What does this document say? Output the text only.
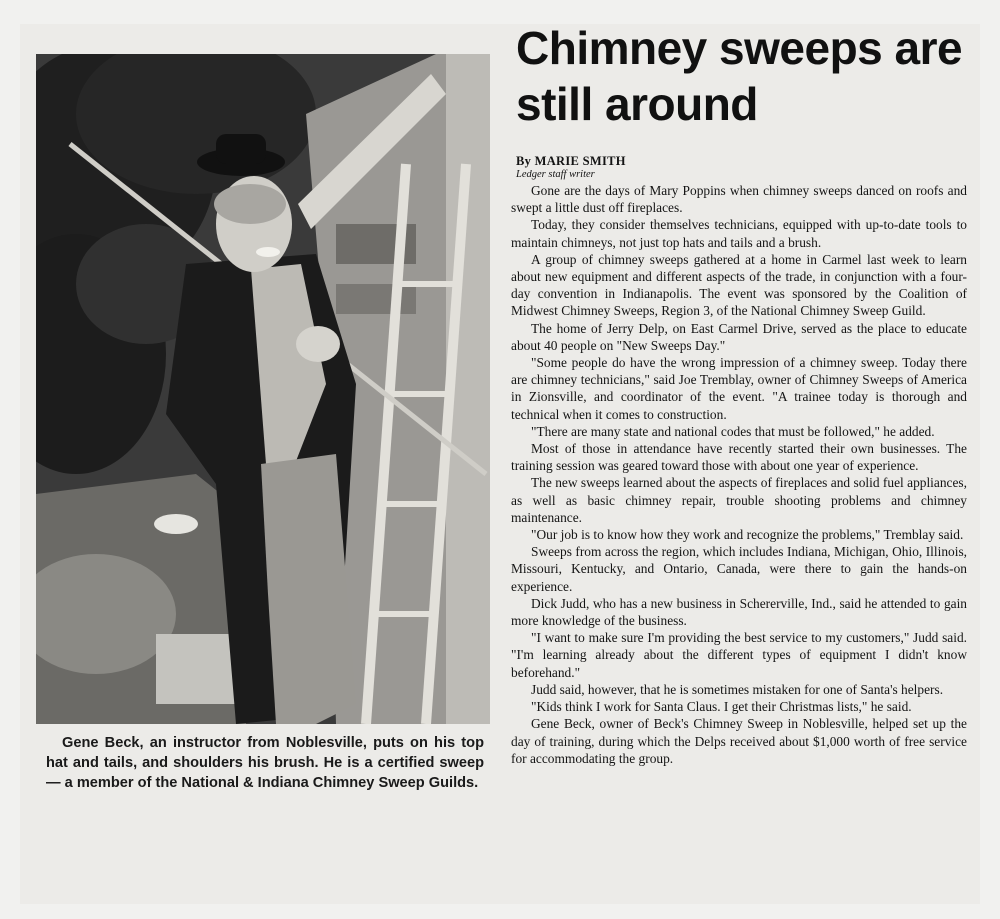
Gene Beck, an instructor from Noblesville, puts on his top hat and tails, and shoulders his brush. He is a certified sweep — a member of the National & Indiana Chimney Sweep Guilds.
Chimney sweeps are still around
By MARIE SMITH
Ledger staff writer

Gone are the days of Mary Poppins when chimney sweeps danced on roofs and swept a little dust off fireplaces.

Today, they consider themselves technicians, equipped with up-to-date tools to maintain chimneys, not just top hats and tails and a brush.

A group of chimney sweeps gathered at a home in Carmel last week to learn about new equipment and different aspects of the trade, in conjunction with a four-day convention in Indianapolis. The event was sponsored by the Coalition of Midwest Chimney Sweeps, Region 3, of the National Chimney Sweep Guild.

The home of Jerry Delp, on East Carmel Drive, served as the place to educate about 40 people on "New Sweeps Day."

"Some people do have the wrong impression of a chimney sweep. Today there are chimney technicians," said Joe Tremblay, owner of Chimney Sweeps of America in Zionsville, and coordinator of the event. "A trainee today is thorough and technical when it comes to construction.

"There are many state and national codes that must be followed," he added.

Most of those in attendance have recently started their own businesses. The training session was geared toward those with about one year of experience.

The new sweeps learned about the aspects of fireplaces and solid fuel appliances, as well as basic chimney repair, trouble shooting problems and chimney maintenance.

"Our job is to know how they work and recognize the problems," Tremblay said.

Sweeps from across the region, which includes Indiana, Michigan, Ohio, Illinois, Missouri, Kentucky, and Ontario, Canada, were there to gain the hands-on experience.

Dick Judd, who has a new business in Schererville, Ind., said he attended to gain more knowledge of the business.

"I want to make sure I'm providing the best service to my customers," Judd said. "I'm learning already about the different types of equipment I didn't know beforehand."

Judd said, however, that he is sometimes mistaken for one of Santa's helpers.

"Kids think I work for Santa Claus. I get their Christmas lists," he said.

Gene Beck, owner of Beck's Chimney Sweep in Noblesville, helped set up the day of training, during which the Delps received about $1,000 worth of free service for accommodating the group.
